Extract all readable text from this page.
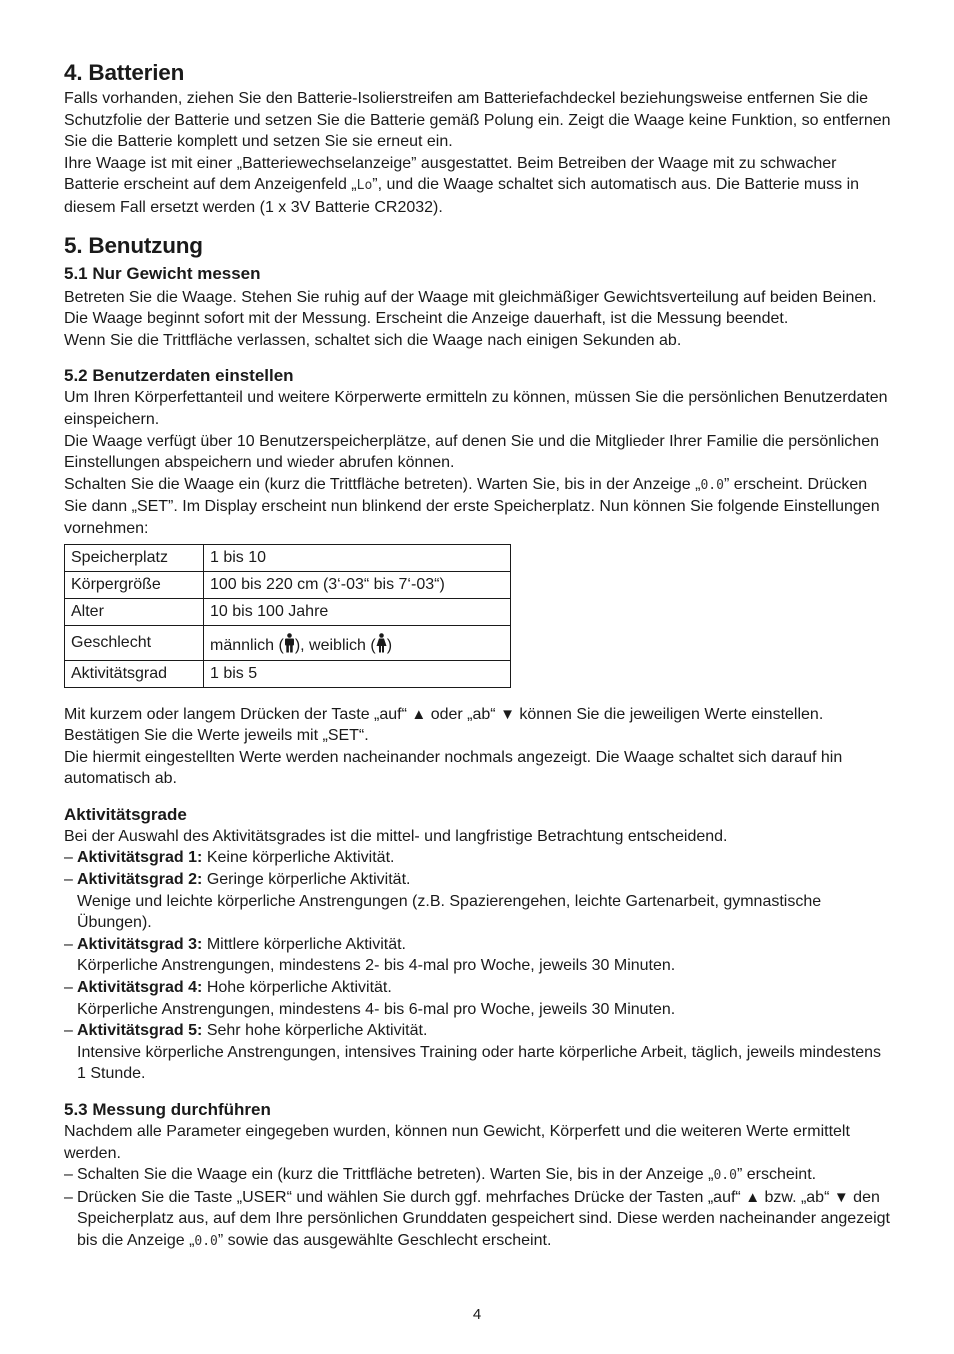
4. Batterien

Falls vorhanden, ziehen Sie den Batterie-Isolierstreifen am Batteriefachdeckel beziehungsweise entfernen Sie die Schutzfolie der Batterie und setzen Sie die Batterie gemäß Polung ein. Zeigt die Waage keine Funktion, so entfernen Sie die Batterie komplett und setzen Sie sie erneut ein.

Ihre Waage ist mit einer „Batteriewechselanzeige” ausgestattet. Beim Betreiben der Waage mit zu schwacher Batterie erscheint auf dem Anzeigenfeld „Lo”, und die Waage schaltet sich automatisch aus. Die Batterie muss in diesem Fall ersetzt werden (1 x 3V Batterie CR2032).

5. Benutzung
5.1 Nur Gewicht messen

Betreten Sie die Waage. Stehen Sie ruhig auf der Waage mit gleichmäßiger Gewichtsverteilung auf beiden Beinen. Die Waage beginnt sofort mit der Messung. Erscheint die Anzeige dauerhaft, ist die Messung beendet.

Wenn Sie die Trittfläche verlassen, schaltet sich die Waage nach einigen Sekunden ab.

5.2 Benutzerdaten einstellen

Um Ihren Körperfettanteil und weitere Körperwerte ermitteln zu können, müssen Sie die persönlichen Benutzerdaten einspeichern.

Die Waage verfügt über 10 Benutzerspeicherplätze, auf denen Sie und die Mitglieder Ihrer Familie die persönlichen Einstellungen abspeichern und wieder abrufen können.

Schalten Sie die Waage ein (kurz die Trittfläche betreten). Warten Sie, bis in der Anzeige „0.0” erscheint. Drücken Sie dann „SET”. Im Display erscheint nun blinkend der erste Speicherplatz. Nun können Sie folgende Einstellungen vornehmen:

Speicherplatz	1 bis 10
Körpergröße	100 bis 220 cm (3‘-03“ bis 7‘-03“)
Alter	10 bis 100 Jahre
Geschlecht	männlich ( ), weiblich ( )
Aktivitätsgrad	1 bis 5

Mit kurzem oder langem Drücken der Taste „auf“ ▲ oder „ab“ ▼ können Sie die jeweiligen Werte einstellen. Bestätigen Sie die Werte jeweils mit „SET“.

Die hiermit eingestellten Werte werden nacheinander nochmals angezeigt. Die Waage schaltet sich darauf hin automatisch ab.

Aktivitätsgrade

Bei der Auswahl des Aktivitätsgrades ist die mittel- und langfristige Betrachtung entscheidend.

– Aktivitätsgrad 1: Keine körperliche Aktivität.
– Aktivitätsgrad 2: Geringe körperliche Aktivität.
Wenige und leichte körperliche Anstrengungen (z.B. Spazierengehen, leichte Gartenarbeit, gymnastische Übungen).
– Aktivitätsgrad 3: Mittlere körperliche Aktivität.
Körperliche Anstrengungen, mindestens 2- bis 4-mal pro Woche, jeweils 30 Minuten.
– Aktivitätsgrad 4: Hohe körperliche Aktivität.
Körperliche Anstrengungen, mindestens 4- bis 6-mal pro Woche, jeweils 30 Minuten.
– Aktivitätsgrad 5: Sehr hohe körperliche Aktivität.
Intensive körperliche Anstrengungen, intensives Training oder harte körperliche Arbeit, täglich, jeweils mindestens 1 Stunde.
5.3 Messung durchführen

Nachdem alle Parameter eingegeben wurden, können nun Gewicht, Körperfett und die weiteren Werte ermittelt werden.

– Schalten Sie die Waage ein (kurz die Trittfläche betreten). Warten Sie, bis in der Anzeige „0.0” erscheint.
– Drücken Sie die Taste „USER“ und wählen Sie durch ggf. mehrfaches Drücke der Tasten „auf“ ▲ bzw. „ab“ ▼ den Speicherplatz aus, auf dem Ihre persönlichen Grunddaten gespeichert sind. Diese werden nacheinander angezeigt bis die Anzeige „0.0” sowie das ausgewählte Geschlecht erscheint.
4
